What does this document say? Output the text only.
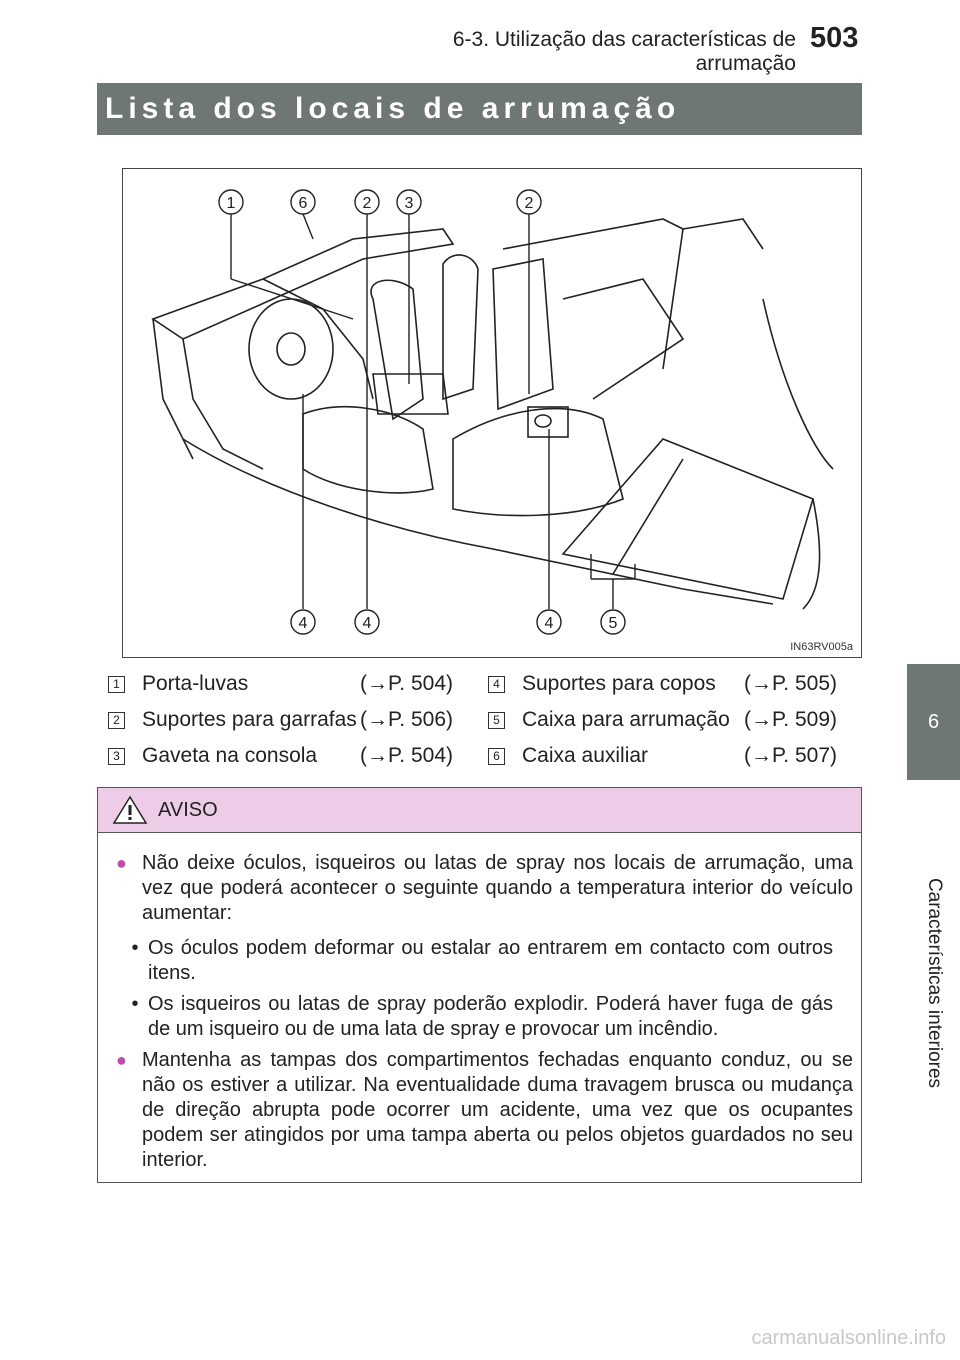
6-3. Utilização das características de arrumação
503
6
Características interiores
Lista dos locais de arrumação
1	6	2 3	2
4	4	4	5
IN63RV005a
1 Porta-luvas	(→P. 504)
2 Suportes para garrafas (→P. 506)
3 Gaveta na consola (→P. 504)
4 Suportes para copos (→P. 505)
5 Caixa para arrumação (→P. 509)
6 Caixa auxiliar	(→P. 507)
AVISO
● Não deixe óculos, isqueiros ou latas de spray nos locais de arrumação, uma vez que poderá acontecer o seguinte quando a temperatura interior do veículo aumentar:
• Os óculos podem deformar ou estalar ao entrarem em contacto com outros itens.
• Os isqueiros ou latas de spray poderão explodir. Poderá haver fuga de gás de um isqueiro ou de uma lata de spray e provocar um incêndio.
● Mantenha as tampas dos compartimentos fechadas enquanto conduz, ou se não os estiver a utilizar. Na eventualidade duma travagem brusca ou mudança de direção abrupta pode ocorrer um acidente, uma vez que os ocupantes podem ser atingidos por uma tampa aberta ou pelos objetos guardados no seu interior.
carmanualsonline.info
